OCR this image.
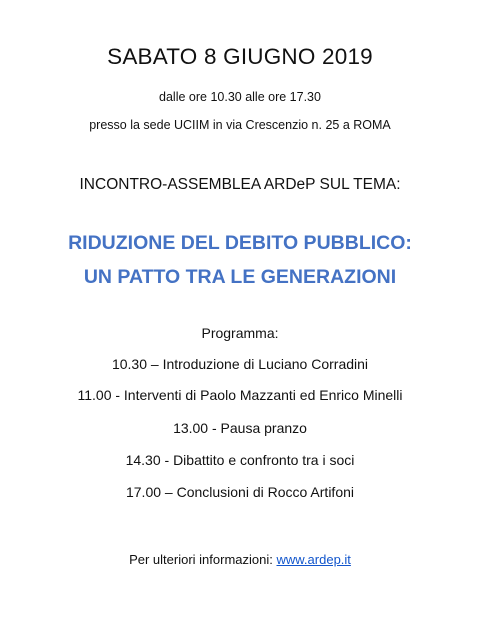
SABATO 8 GIUGNO 2019
dalle ore 10.30 alle ore 17.30
presso la sede UCIIM in via Crescenzio n. 25 a ROMA
INCONTRO-ASSEMBLEA ARDeP SUL TEMA:
RIDUZIONE DEL DEBITO PUBBLICO:
UN PATTO TRA LE GENERAZIONI
Programma:
10.30 – Introduzione di Luciano Corradini
11.00 - Interventi di Paolo Mazzanti ed Enrico Minelli
13.00 - Pausa pranzo
14.30 - Dibattito e confronto tra i soci
17.00 – Conclusioni di Rocco Artifoni
Per ulteriori informazioni: www.ardep.it
